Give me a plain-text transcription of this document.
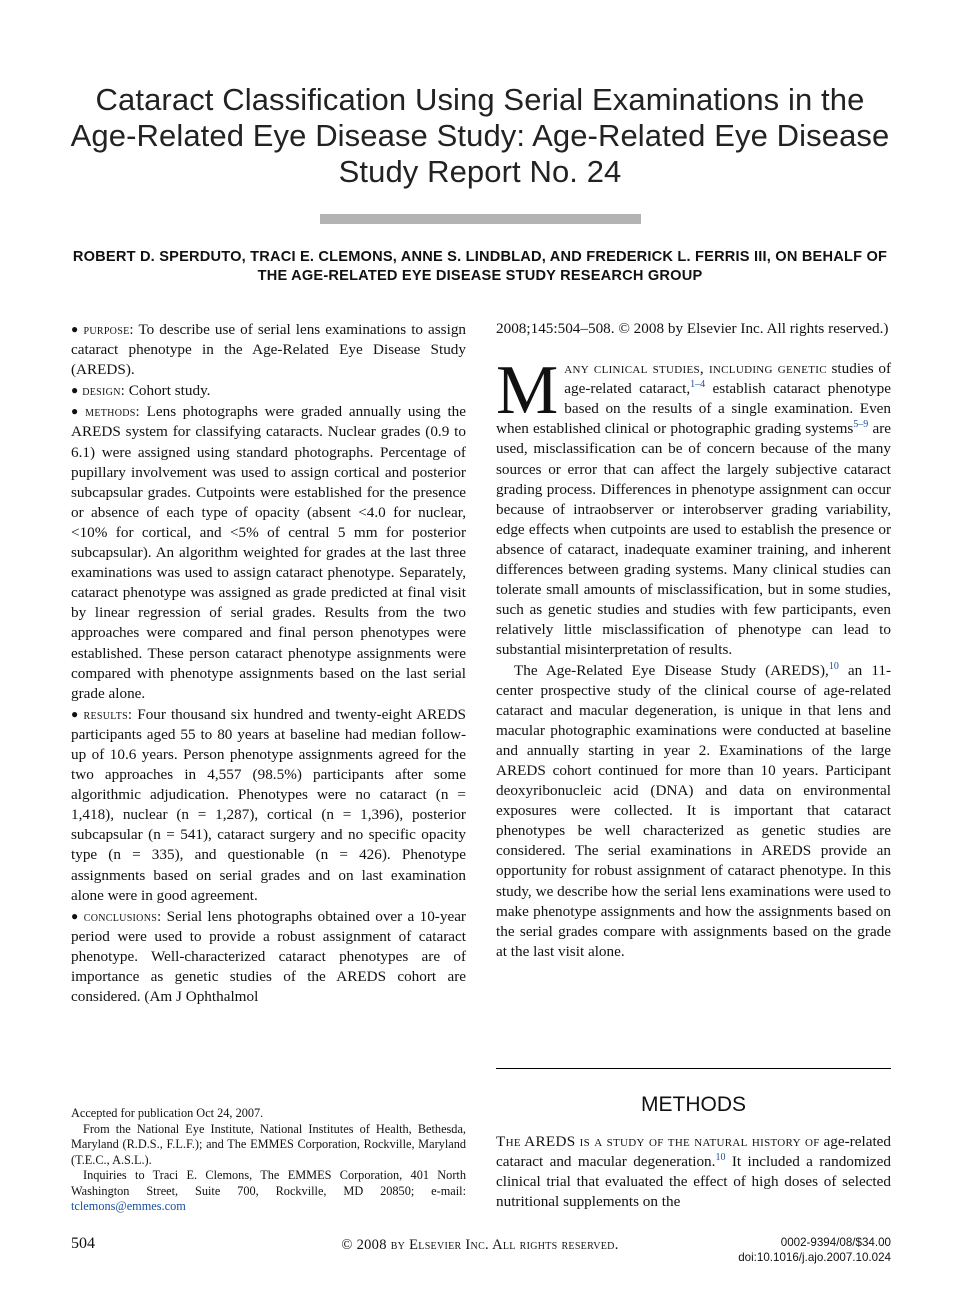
Cataract Classification Using Serial Examinations in the Age-Related Eye Disease Study: Age-Related Eye Disease Study Report No. 24
ROBERT D. SPERDUTO, TRACI E. CLEMONS, ANNE S. LINDBLAD, AND FREDERICK L. FERRIS III, ON BEHALF OF THE AGE-RELATED EYE DISEASE STUDY RESEARCH GROUP

● purpose: To describe use of serial lens examinations to assign cataract phenotype in the Age-Related Eye Disease Study (AREDS).

● design: Cohort study.

● methods: Lens photographs were graded annually using the AREDS system for classifying cataracts. Nuclear grades (0.9 to 6.1) were assigned using standard photographs. Percentage of pupillary involvement was used to assign cortical and posterior subcapsular grades. Cutpoints were established for the presence or absence of each type of opacity (absent <4.0 for nuclear, <10% for cortical, and <5% of central 5 mm for posterior subcapsular). An algorithm weighted for grades at the last three examinations was used to assign cataract phenotype. Separately, cataract phenotype was assigned as grade predicted at final visit by linear regression of serial grades. Results from the two approaches were compared and final person phenotypes were established. These person cataract phenotype assignments were compared with phenotype assignments based on the last serial grade alone.

● results: Four thousand six hundred and twenty-eight AREDS participants aged 55 to 80 years at baseline had median follow-up of 10.6 years. Person phenotype assignments agreed for the two approaches in 4,557 (98.5%) participants after some algorithmic adjudication. Phenotypes were no cataract (n = 1,418), nuclear (n = 1,287), cortical (n = 1,396), posterior subcapsular (n = 541), cataract surgery and no specific opacity type (n = 335), and questionable (n = 426). Phenotype assignments based on serial grades and on last examination alone were in good agreement.

● conclusions: Serial lens photographs obtained over a 10-year period were used to provide a robust assignment of cataract phenotype. Well-characterized cataract phenotypes are of importance as genetic studies of the AREDS cohort are considered. (Am J Ophthalmol

2008;145:504–508. © 2008 by Elsevier Inc. All rights reserved.)

Many clinical studies, including genetic studies of age-related cataract,$^{1-4}$ establish cataract phenotype based on the results of a single examination. Even when established clinical or photographic grading systems$^{5-9}$ are used, misclassification can be of concern because of the many sources or error that can affect the largely subjective cataract grading process. Differences in phenotype assignment can occur because of intraobserver or interobserver grading variability, edge effects when cutpoints are used to establish the presence or absence of cataract, inadequate examiner training, and inherent differences between grading systems. Many clinical studies can tolerate small amounts of misclassification, but in some studies, such as genetic studies and studies with few participants, even relatively little misclassification of phenotype can lead to substantial misinterpretation of results.

The Age-Related Eye Disease Study (AREDS),$^{10}$ an 11-center prospective study of the clinical course of age-related cataract and macular degeneration, is unique in that lens and macular photographic examinations were conducted at baseline and annually starting in year 2. Examinations of the large AREDS cohort continued for more than 10 years. Participant deoxyribonucleic acid (DNA) and data on environmental exposures were collected. It is important that cataract phenotypes be well characterized as genetic studies are considered. The serial examinations in AREDS provide an opportunity for robust assignment of cataract phenotype. In this study, we describe how the serial lens examinations were used to make phenotype assignments and how the assignments based on the serial grades compare with assignments based on the grade at the last visit alone.

METHODS

The AREDS is a study of the natural history of age-related cataract and macular degeneration.$^{10}$ It included a randomized clinical trial that evaluated the effect of high doses of selected nutritional supplements on the

Accepted for publication Oct 24, 2007.

From the National Eye Institute, National Institutes of Health, Bethesda, Maryland (R.D.S., F.L.F.); and The EMMES Corporation, Rockville, Maryland (T.E.C., A.S.L.).

Inquiries to Traci E. Clemons, The EMMES Corporation, 401 North Washington Street, Suite 700, Rockville, MD 20850; e-mail: tclemons@emmes.com

504	© 2008 by Elsevier Inc. All rights reserved.	0002-9394/08/$34.00
doi:10.1016/j.ajo.2007.10.024
